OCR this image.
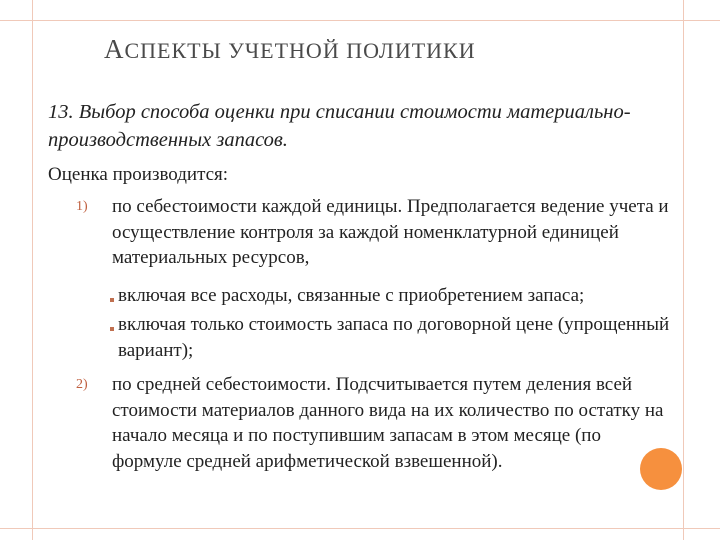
АСПЕКТЫ УЧЕТНОЙ ПОЛИТИКИ
13. Выбор способа оценки при списании стоимости материально-производственных запасов.
Оценка производится:
1) по себестоимости каждой единицы. Предполагается ведение учета и осуществление контроля за каждой номенклатурной единицей материальных ресурсов,
включая все расходы, связанные с приобретением запаса;
включая только стоимость запаса по договорной цене (упрощенный вариант);
2) по средней себестоимости. Подсчитывается путем деления всей стоимости материалов данного вида на их количество по остатку на начало месяца и по поступившим запасам в этом месяце (по формуле средней арифметической взвешенной).
